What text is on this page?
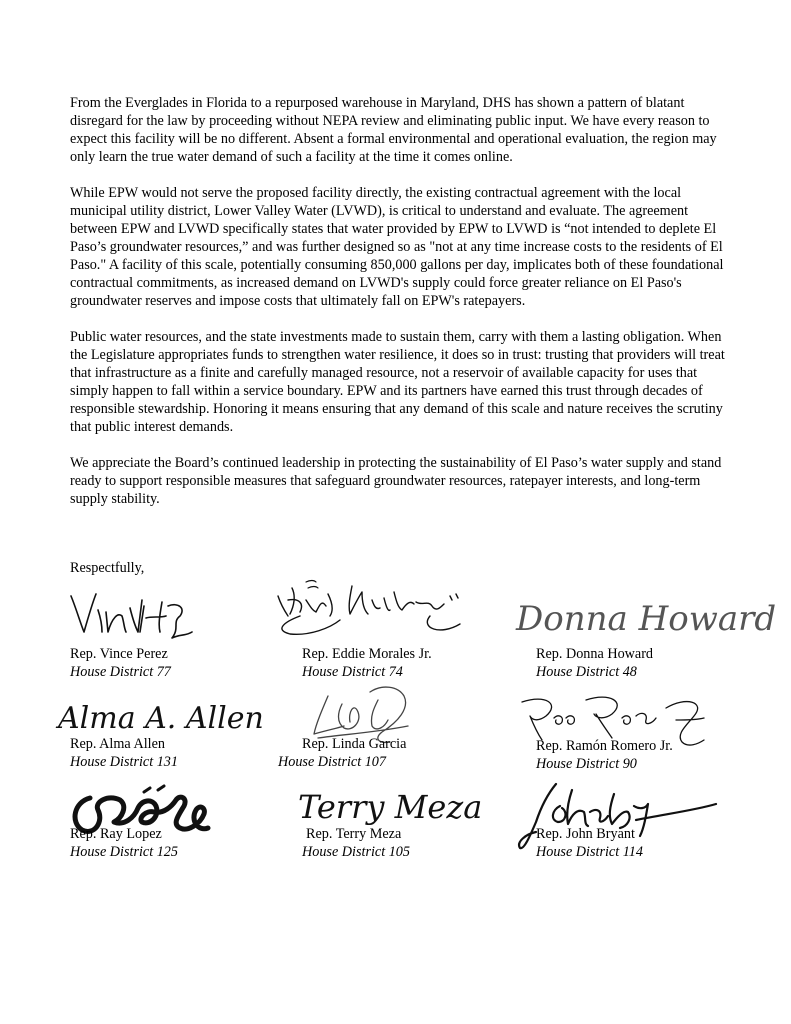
From the Everglades in Florida to a repurposed warehouse in Maryland, DHS has shown a pattern of blatant disregard for the law by proceeding without NEPA review and eliminating public input. We have every reason to expect this facility will be no different. Absent a formal environmental and operational evaluation, the region may only learn the true water demand of such a facility at the time it comes online.

While EPW would not serve the proposed facility directly, the existing contractual agreement with the local municipal utility district, Lower Valley Water (LVWD), is critical to understand and evaluate. The agreement between EPW and LVWD specifically states that water provided by EPW to LVWD is “not intended to deplete El Paso’s groundwater resources,” and was further designed so as "not at any time increase costs to the residents of El Paso." A facility of this scale, potentially consuming 850,000 gallons per day, implicates both of these foundational contractual commitments, as increased demand on LVWD's supply could force greater reliance on El Paso's groundwater reserves and impose costs that ultimately fall on EPW's ratepayers.

Public water resources, and the state investments made to sustain them, carry with them a lasting obligation. When the Legislature appropriates funds to strengthen water resilience, it does so in trust: trusting that providers will treat that infrastructure as a finite and carefully managed resource, not a reservoir of available capacity for uses that simply happen to fall within a service boundary. EPW and its partners have earned this trust through decades of responsible stewardship. Honoring it means ensuring that any demand of this scale and nature receives the scrutiny that public interest demands.

We appreciate the Board’s continued leadership in protecting the sustainability of El Paso’s water supply and stand ready to support responsible measures that safeguard groundwater resources, ratepayer interests, and long-term supply stability.

Respectfully,
Rep. Vince Perez
House District 77
Rep. Eddie Morales Jr.
House District 74
Donna Howard
Rep. Donna Howard
House District 48
Alma A. Allen
Rep. Alma Allen
House District 131
Rep. Linda Garcia
House District 107
Rep. Ramón Romero Jr.
House District 90
Rep. Ray Lopez
House District 125
Terry Meza
Rep. Terry Meza
House District 105
Rep. John Bryant
House District 114
